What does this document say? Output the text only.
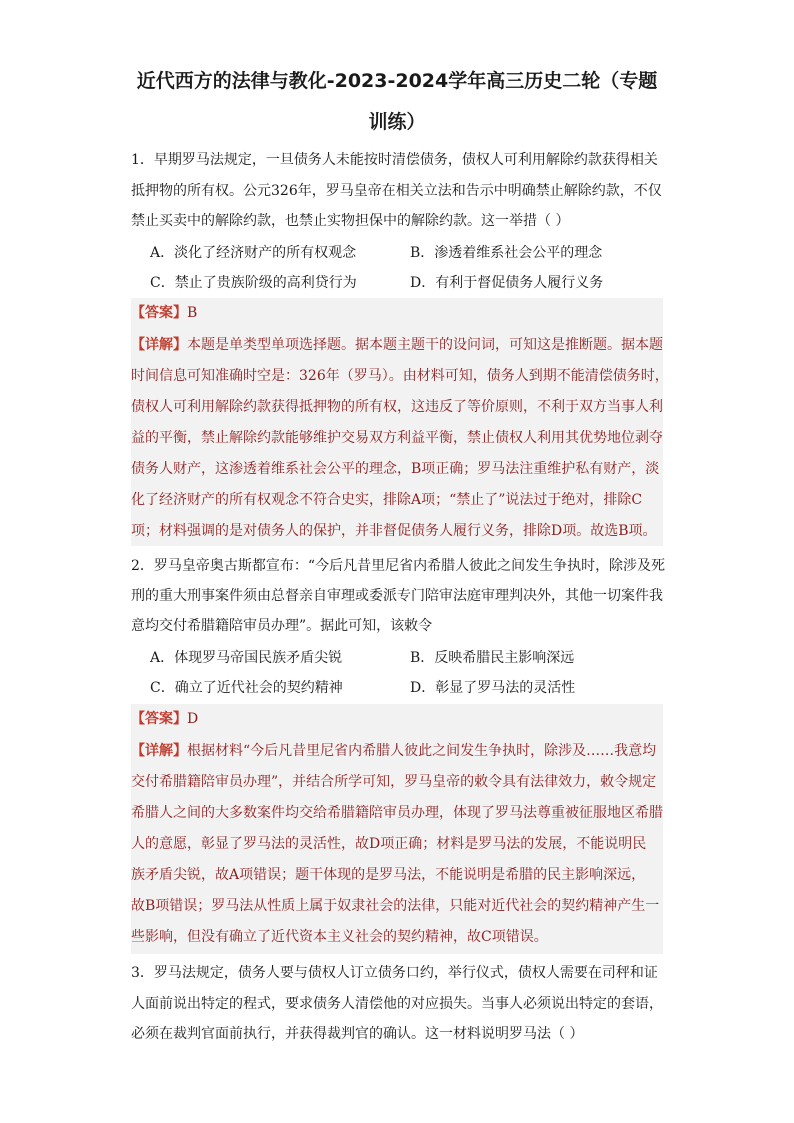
近代西方的法律与教化-2023-2024学年高三历史二轮（专题
训练）
1．早期罗马法规定，一旦债务人未能按时清偿债务，债权人可利用解除约款获得相关
抵押物的所有权。公元326年，罗马皇帝在相关立法和告示中明确禁止解除约款，不仅
禁止买卖中的解除约款，也禁止实物担保中的解除约款。这一举措（ ）
A．淡化了经济财产的所有权观念	B．渗透着维系社会公平的理念
C．禁止了贵族阶级的高利贷行为	D．有利于督促债务人履行义务
【答案】B
【详解】本题是单类型单项选择题。据本题主题干的设问词，可知这是推断题。据本题
时间信息可知准确时空是：326年（罗马）。由材料可知，债务人到期不能清偿债务时，
债权人可利用解除约款获得抵押物的所有权，这违反了等价原则，不利于双方当事人利
益的平衡，禁止解除约款能够维护交易双方利益平衡，禁止债权人利用其优势地位剥夺
债务人财产，这渗透着维系社会公平的理念，B项正确；罗马法注重维护私有财产，淡
化了经济财产的所有权观念不符合史实，排除A项；“禁止了”说法过于绝对，排除C
项；材料强调的是对债务人的保护，并非督促债务人履行义务，排除D项。故选B项。
2．罗马皇帝奥古斯都宣布：“今后凡昔里尼省内希腊人彼此之间发生争执时，除涉及死
刑的重大刑事案件须由总督亲自审理或委派专门陪审法庭审理判决外，其他一切案件我
意均交付希腊籍陪审员办理”。据此可知，该敕令
A．体现罗马帝国民族矛盾尖锐	B．反映希腊民主影响深远
C．确立了近代社会的契约精神	D．彰显了罗马法的灵活性
【答案】D
【详解】根据材料“今后凡昔里尼省内希腊人彼此之间发生争执时，除涉及……我意均
交付希腊籍陪审员办理”，并结合所学可知，罗马皇帝的敕令具有法律效力，敕令规定
希腊人之间的大多数案件均交给希腊籍陪审员办理，体现了罗马法尊重被征服地区希腊
人的意愿，彰显了罗马法的灵活性，故D项正确；材料是罗马法的发展，不能说明民
族矛盾尖锐，故A项错误；题干体现的是罗马法，不能说明是希腊的民主影响深远，
故B项错误；罗马法从性质上属于奴隶社会的法律，只能对近代社会的契约精神产生一
些影响，但没有确立了近代资本主义社会的契约精神，故C项错误。
3．罗马法规定，债务人要与债权人订立债务口约，举行仪式，债权人需要在司秤和证
人面前说出特定的程式，要求债务人清偿他的对应损失。当事人必须说出特定的套语，
必须在裁判官面前执行，并获得裁判官的确认。这一材料说明罗马法（ ）
